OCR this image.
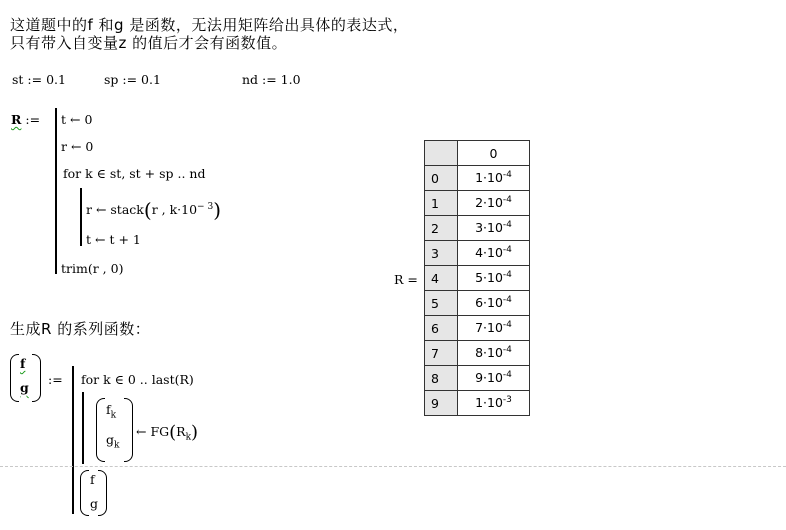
这道题中的f 和g 是函数，无法用矩阵给出具体的表达式，
只有带入自变量z 的值后才会有函数值。
st := 0.1	sp := 0.1	nd := 1.0
R := t ← 0
r ← 0
for k ∈ st, st + sp .. nd
r ← stack(r , $k\cdot 10^{- 3}$)
t ← t + 1
trim(r , 0)
R =
	0
0	$1\cdot 10^{-4}$
1	$2\cdot 10^{-4}$
2	$3\cdot 10^{-4}$
3	$4\cdot 10^{-4}$
4	$5\cdot 10^{-4}$
5	$6\cdot 10^{-4}$
6	$7\cdot 10^{-4}$
7	$8\cdot 10^{-4}$
8	$9\cdot 10^{-4}$
9	$1\cdot 10^{-3}$
生成R 的系列函数：
f
g
:= for k ∈ 0 .. last(R)
$f_k$
$g_k$
← $FG(R_k)$
f
g
